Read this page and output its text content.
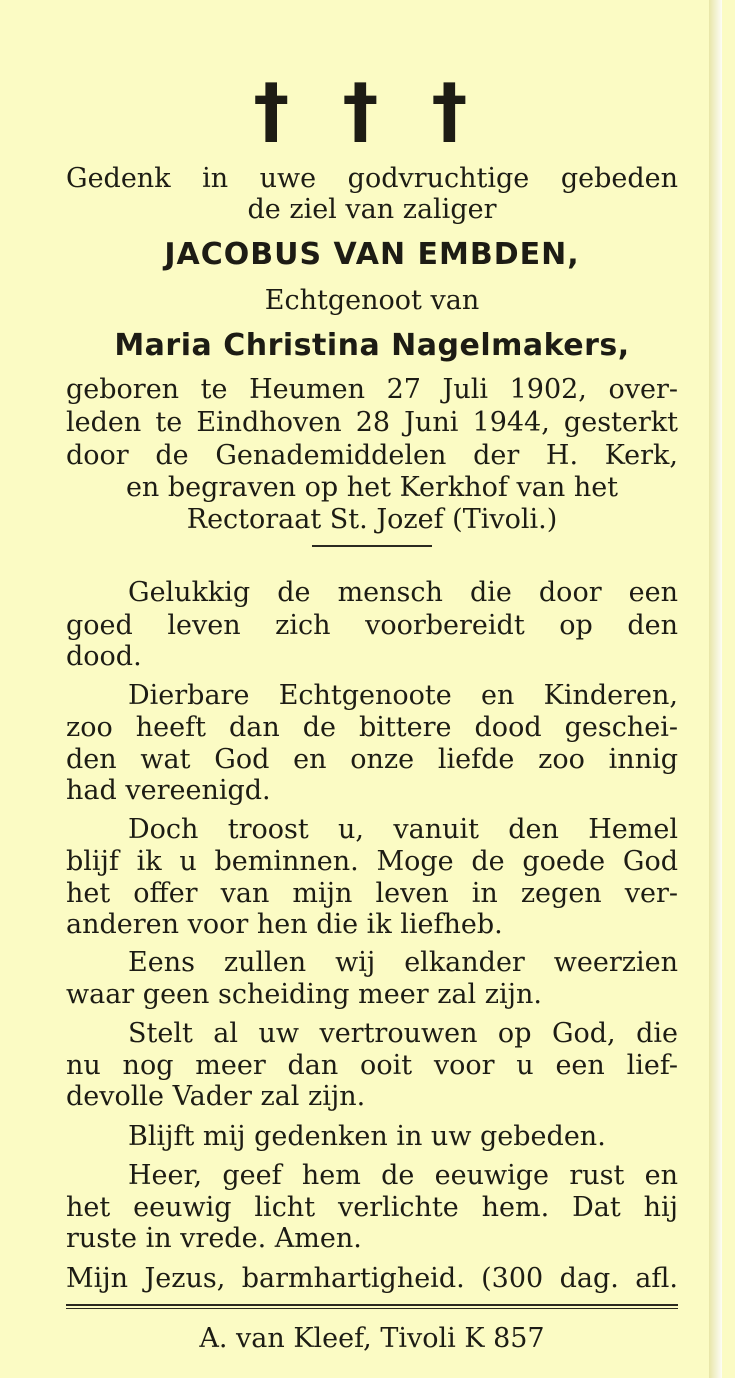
† † †
Gedenk in uwe godvruchtige gebeden
de ziel van zaliger
JACOBUS VAN EMBDEN,
Echtgenoot van
Maria Christina Nagelmakers,
geboren te Heumen 27 Juli 1902, over-
leden te Eindhoven 28 Juni 1944, gesterkt
door de Genademiddelen der H. Kerk,
en begraven op het Kerkhof van het
Rectoraat St. Jozef (Tivoli.)
Gelukkig de mensch die door een
goed leven zich voorbereidt op den
dood.
Dierbare Echtgenoote en Kinderen,
zoo heeft dan de bittere dood geschei-
den wat God en onze liefde zoo innig
had vereenigd.
Doch troost u, vanuit den Hemel
blijf ik u beminnen. Moge de goede God
het offer van mijn leven in zegen ver-
anderen voor hen die ik liefheb.
Eens zullen wij elkander weerzien
waar geen scheiding meer zal zijn.
Stelt al uw vertrouwen op God, die
nu nog meer dan ooit voor u een lief-
devolle Vader zal zijn.
Blijft mij gedenken in uw gebeden.
Heer, geef hem de eeuwige rust en
het eeuwig licht verlichte hem. Dat hij
ruste in vrede. Amen.
Mijn Jezus, barmhartigheid. (300 dag. afl.
A. van Kleef, Tivoli K 857
